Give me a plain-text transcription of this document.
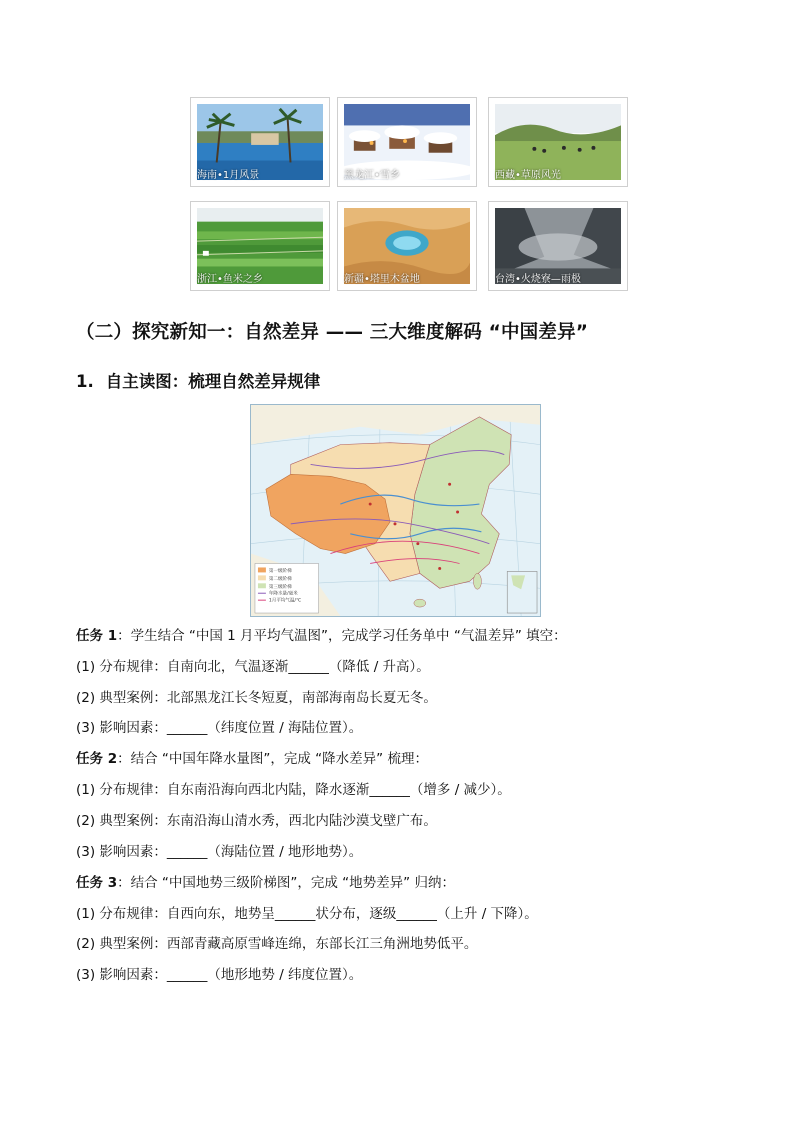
海南•1月风景	黑龙江•雪乡	西藏•草原风光
浙江•鱼米之乡	新疆•塔里木盆地	台湾•火烧寮—雨极
（二）探究新知一：自然差异 —— 三大维度解码 “中国差异”
1. 自主读图：梳理自然差异规律
第一级阶梯
第二级阶梯
第三级阶梯
年降水量/毫米
1月平均气温/℃
任务 1：学生结合 “中国 1 月平均气温图”，完成学习任务单中 “气温差异” 填空：
(1) 分布规律：自南向北，气温逐渐______（降低 / 升高）。
(2) 典型案例：北部黑龙江长冬短夏，南部海南岛长夏无冬。
(3) 影响因素：______（纬度位置 / 海陆位置）。
任务 2：结合 “中国年降水量图”，完成 “降水差异” 梳理：
(1) 分布规律：自东南沿海向西北内陆，降水逐渐______（增多 / 减少）。
(2) 典型案例：东南沿海山清水秀，西北内陆沙漠戈壁广布。
(3) 影响因素：______（海陆位置 / 地形地势）。
任务 3：结合 “中国地势三级阶梯图”，完成 “地势差异” 归纳：
(1) 分布规律：自西向东，地势呈______状分布，逐级______（上升 / 下降）。
(2) 典型案例：西部青藏高原雪峰连绵，东部长江三角洲地势低平。
(3) 影响因素：______（地形地势 / 纬度位置）。
